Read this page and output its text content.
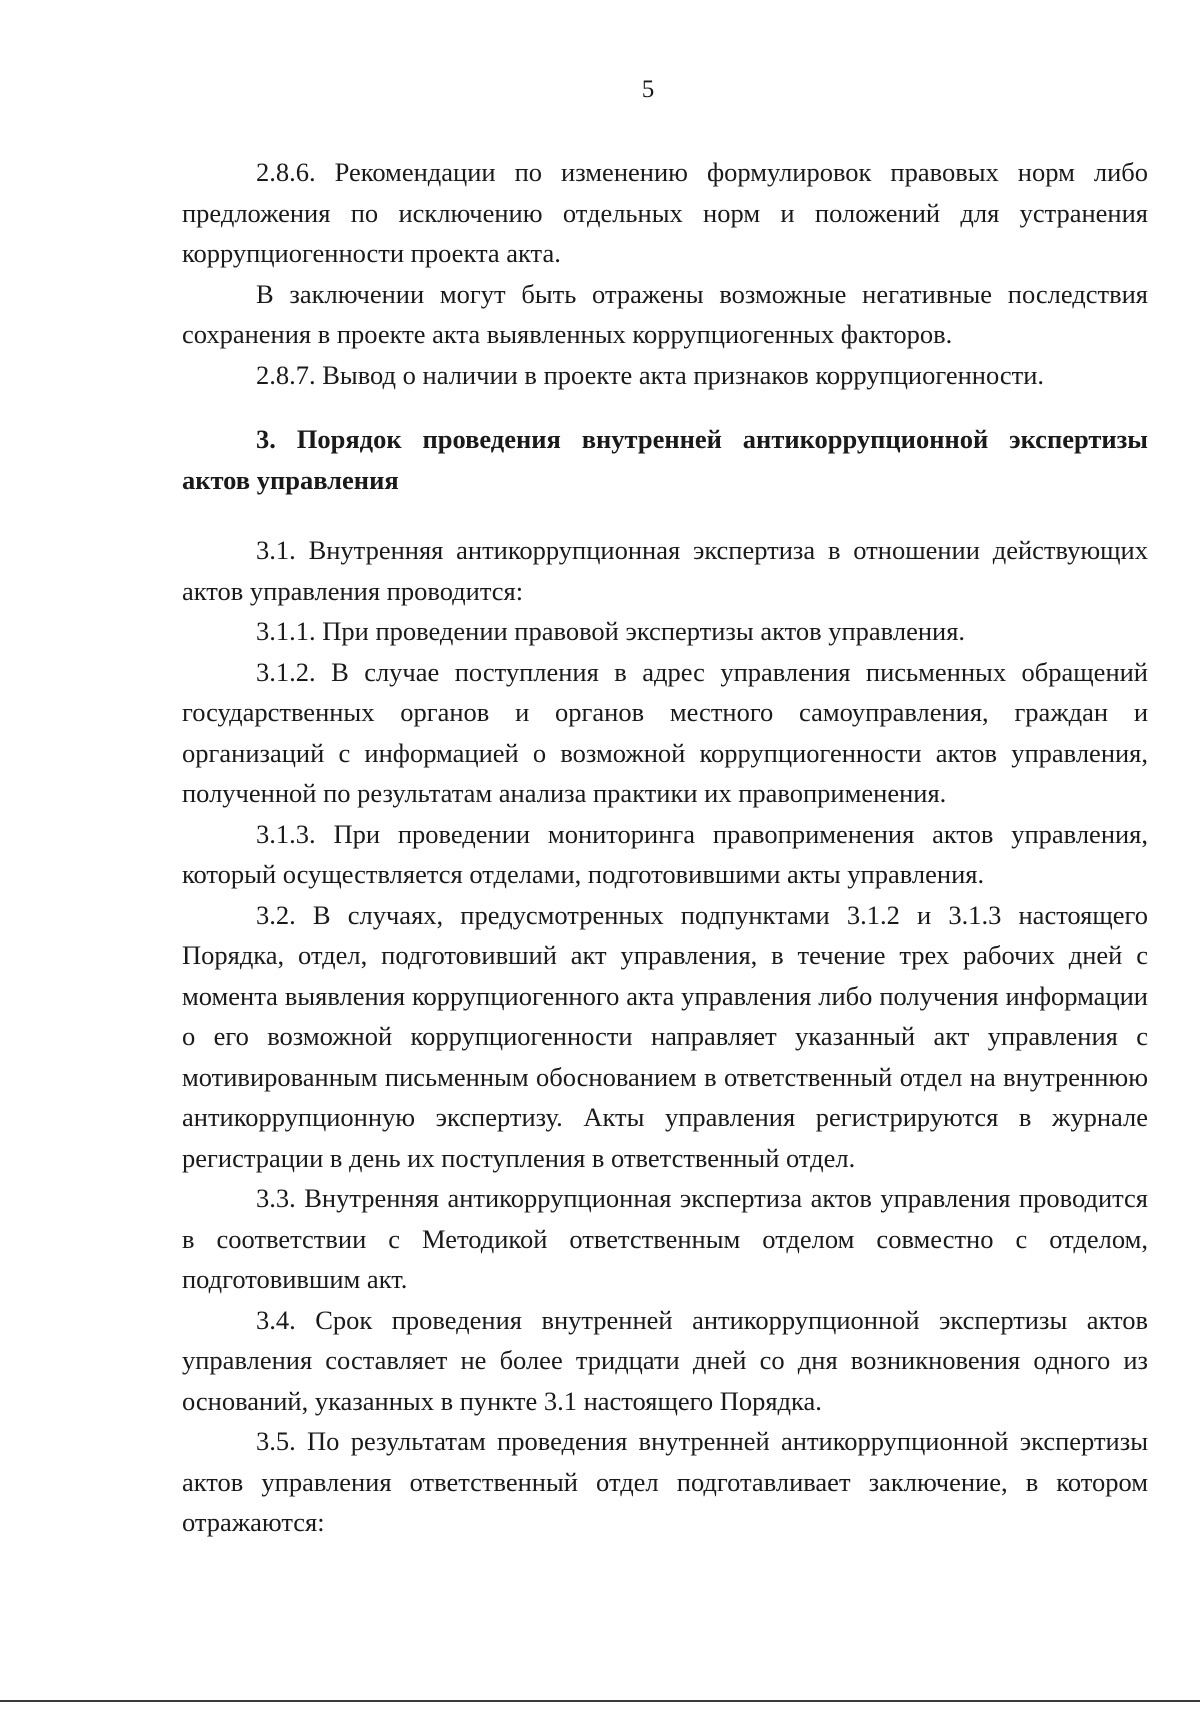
5

2.8.6. Рекомендации по изменению формулировок правовых норм либо предложения по исключению отдельных норм и положений для устранения коррупциогенности проекта акта.

В заключении могут быть отражены возможные негативные последствия сохранения в проекте акта выявленных коррупциогенных факторов.

2.8.7. Вывод о наличии в проекте акта признаков коррупциогенности.

3. Порядок проведения внутренней антикоррупционной экспертизы актов управления

3.1. Внутренняя антикоррупционная экспертиза в отношении действующих актов управления проводится:

3.1.1. При проведении правовой экспертизы актов управления.

3.1.2. В случае поступления в адрес управления письменных обращений государственных органов и органов местного самоуправления, граждан и организаций с информацией о возможной коррупциогенности актов управления, полученной по результатам анализа практики их правоприменения.

3.1.3. При проведении мониторинга правоприменения актов управления, который осуществляется отделами, подготовившими акты управления.

3.2. В случаях, предусмотренных подпунктами 3.1.2 и 3.1.3 настоящего Порядка, отдел, подготовивший акт управления, в течение трех рабочих дней с момента выявления коррупциогенного акта управления либо получения информации о его возможной коррупциогенности направляет указанный акт управления с мотивированным письменным обоснованием в ответственный отдел на внутреннюю антикоррупционную экспертизу. Акты управления регистрируются в журнале регистрации в день их поступления в ответственный отдел.

3.3. Внутренняя антикоррупционная экспертиза актов управления проводится в соответствии с Методикой ответственным отделом совместно с отделом, подготовившим акт.

3.4. Срок проведения внутренней антикоррупционной экспертизы актов управления составляет не более тридцати дней со дня возникновения одного из оснований, указанных в пункте 3.1 настоящего Порядка.

3.5. По результатам проведения внутренней антикоррупционной экспертизы актов управления ответственный отдел подготавливает заключение, в котором отражаются:
